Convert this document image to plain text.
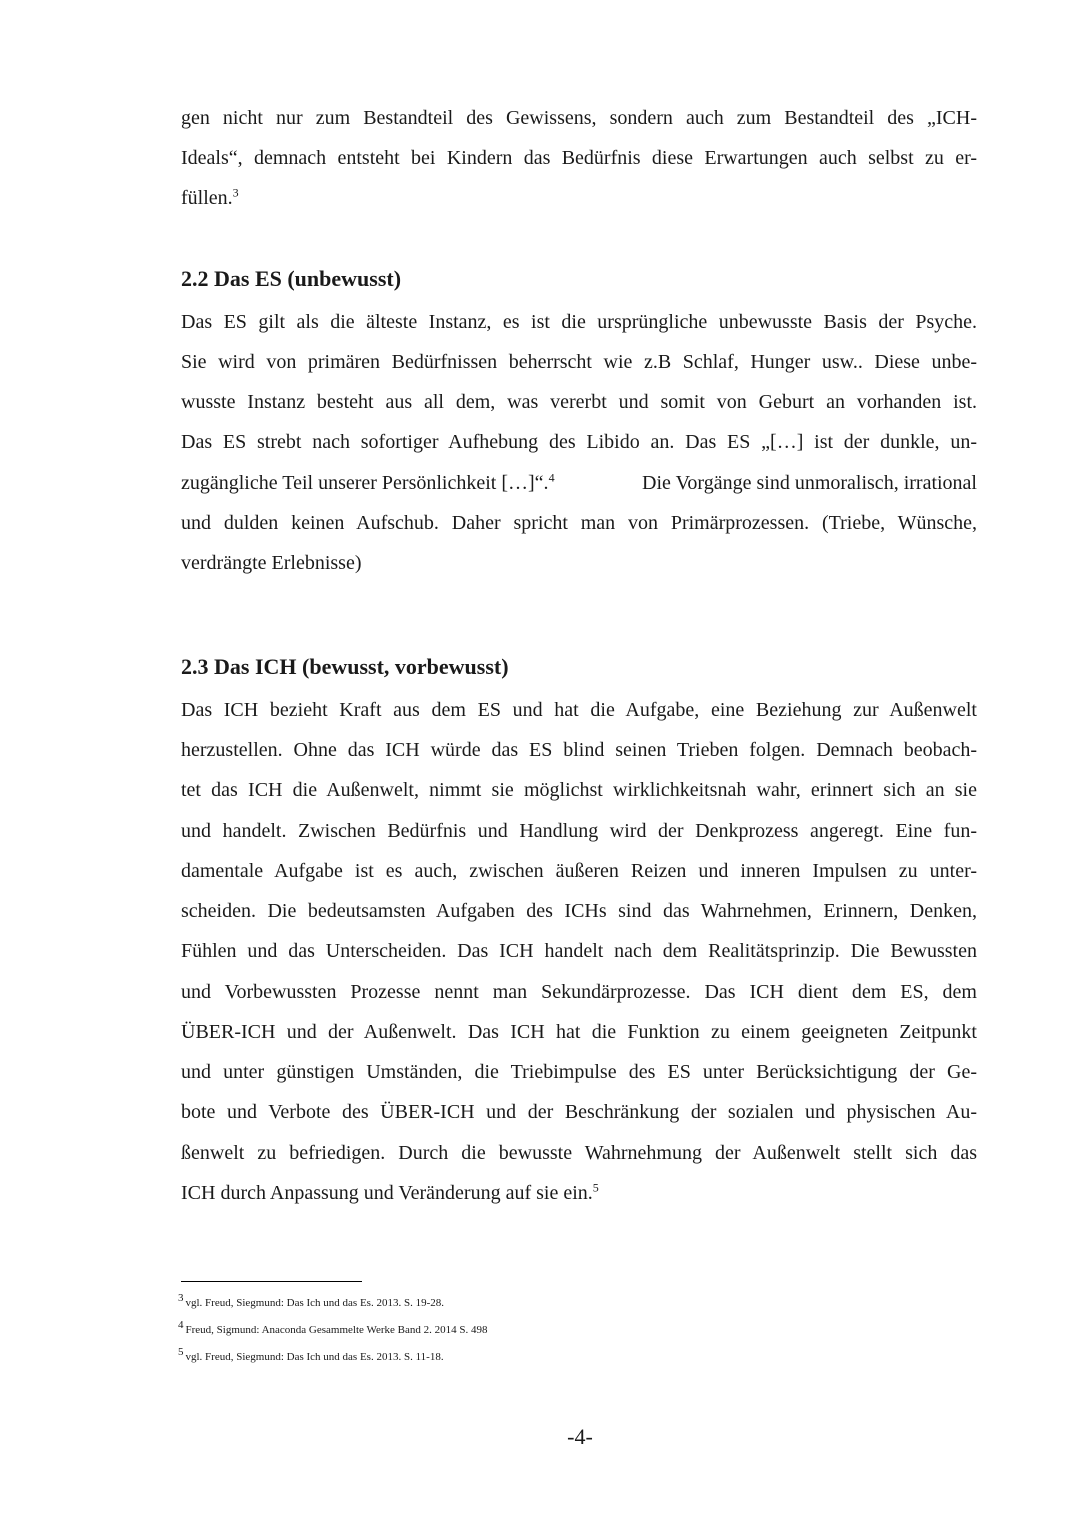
gen nicht nur zum Bestandteil des Gewissens, sondern auch zum Bestandteil des „ICH-
Ideals“, demnach entsteht bei Kindern das Bedürfnis diese Erwartungen auch selbst zu er-
füllen.$^3$
2.2 Das ES (unbewusst)
Das ES gilt als die älteste Instanz, es ist die ursprüngliche unbewusste Basis der Psyche.
Sie wird von primären Bedürfnissen beherrscht wie z.B Schlaf, Hunger usw.. Diese unbe-
wusste Instanz besteht aus all dem, was vererbt und somit von Geburt an vorhanden ist.
Das ES strebt nach sofortiger Aufhebung des Libido an. Das ES „[…] ist der dunkle, un-
zugängliche Teil unserer Persönlichkeit […]“.$^4$	Die Vorgänge sind unmoralisch, irrational
und dulden keinen Aufschub. Daher spricht man von Primärprozessen. (Triebe, Wünsche,
verdrängte Erlebnisse)
2.3 Das ICH (bewusst, vorbewusst)
Das ICH bezieht Kraft aus dem ES und hat die Aufgabe, eine Beziehung zur Außenwelt
herzustellen. Ohne das ICH würde das ES blind seinen Trieben folgen. Demnach beobach-
tet das ICH die Außenwelt, nimmt sie möglichst wirklichkeitsnah wahr, erinnert sich an sie
und handelt. Zwischen Bedürfnis und Handlung wird der Denkprozess angeregt. Eine fun-
damentale Aufgabe ist es auch, zwischen äußeren Reizen und inneren Impulsen zu unter-
scheiden. Die bedeutsamsten Aufgaben des ICHs sind das Wahrnehmen, Erinnern, Denken,
Fühlen und das Unterscheiden. Das ICH handelt nach dem Realitätsprinzip. Die Bewussten
und Vorbewussten Prozesse nennt man Sekundärprozesse. Das ICH dient dem ES, dem
ÜBER-ICH und der Außenwelt. Das ICH hat die Funktion zu einem geeigneten Zeitpunkt
und unter günstigen Umständen, die Triebimpulse des ES unter Berücksichtigung der Ge-
bote und Verbote des ÜBER-ICH und der Beschränkung der sozialen und physischen Au-
ßenwelt zu befriedigen. Durch die bewusste Wahrnehmung der Außenwelt stellt sich das
ICH durch Anpassung und Veränderung auf sie ein.$^5$
3 vgl. Freud, Siegmund: Das Ich und das Es. 2013. S. 19-28.
4 Freud, Sigmund: Anaconda Gesammelte Werke Band 2. 2014 S. 498
5 vgl. Freud, Siegmund: Das Ich und das Es. 2013. S. 11-18.
-4-
